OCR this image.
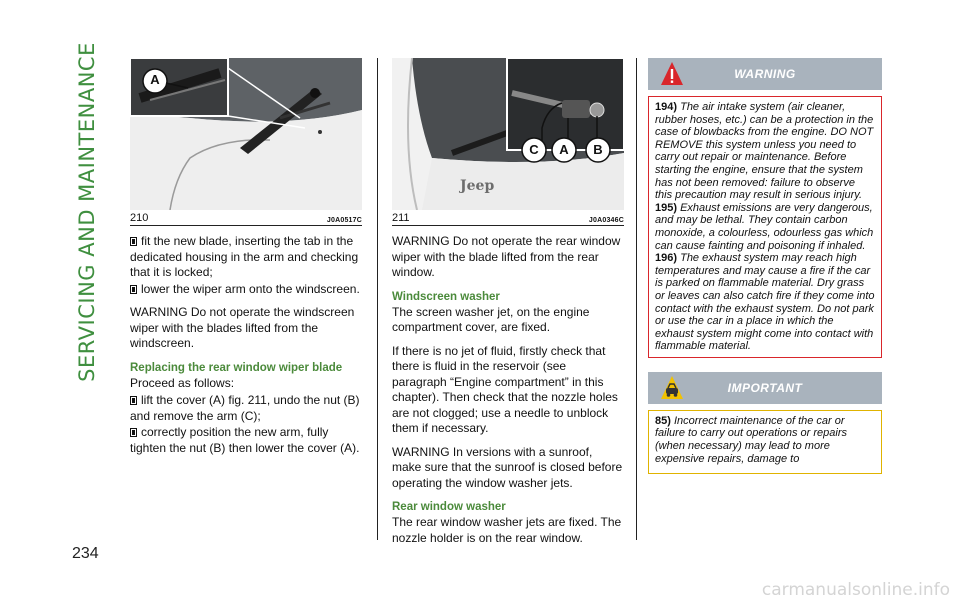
SERVICING AND MAINTENANCE	A
210	J0A0517C
fit the new blade, inserting the tab in the dedicated housing in the arm and checking that it is locked;
lower the wiper arm onto the windscreen.

WARNING Do not operate the windscreen wiper with the blades lifted from the windscreen.

Replacing the rear window wiper blade

Proceed as follows:

lift the cover (A) fig. 211, undo the nut (B) and remove the arm (C);
correctly position the new arm, fully tighten the nut (B) then lower the cover (A).
C A B
Jeep
211	J0A0346C

WARNING Do not operate the rear window wiper with the blade lifted from the rear window.

Windscreen washer

The screen washer jet, on the engine compartment cover, are fixed.

If there is no jet of fluid, firstly check that there is fluid in the reservoir (see paragraph “Engine compartment” in this chapter). Then check that the nozzle holes are not clogged; use a needle to unblock them if necessary.

WARNING In versions with a sunroof, make sure that the sunroof is closed before operating the window washer jets.

Rear window washer

The rear window washer jets are fixed. The nozzle holder is on the rear window.

WARNING

194) The air intake system (air cleaner, rubber hoses, etc.) can be a protection in the case of blowbacks from the engine. DO NOT REMOVE this system unless you need to carry out repair or maintenance. Before starting the engine, ensure that the system has not been removed: failure to observe this precaution may result in serious injury.

195) Exhaust emissions are very dangerous, and may be lethal. They contain carbon monoxide, a colourless, odourless gas which can cause fainting and poisoning if inhaled.

196) The exhaust system may reach high temperatures and may cause a fire if the car is parked on flammable material. Dry grass or leaves can also catch fire if they come into contact with the exhaust system. Do not park or use the car in a place in which the exhaust system might come into contact with flammable material.

IMPORTANT

85) Incorrect maintenance of the car or failure to carry out operations or repairs (when necessary) may lead to more expensive repairs, damage to

234
carmanualsonline.info
